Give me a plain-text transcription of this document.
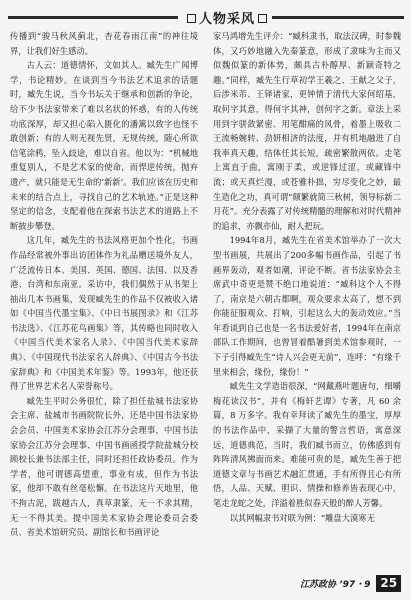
人物采风

传播到“骏马秋风蓟北，杏花春雨江南”的神往境界，让我们好生感动。

古人云：道德情怀，文如其人。臧先生广闻博学，书论精妙。在谈到当今书法艺术追求的话题时，臧先生说，当今书坛关于继承和创新的争论，给不少书法家带来了难以名状的怀惑，有的人传统功底深厚，却又担心陷入匮化的潘篱以致字也怪不敢创新；有的人则无视先贤，无规传统，随心所欲信笔涂鸦，坠入歧途，难以自省。他以为：“机械地重复别人，不是艺术家的使命，而悍逆传统，抛弃遗产，就只能是无生命的‘新新’。我们应该在历史和未来的结合点上，寻找自己的艺术轨迹。”正是这种坚定的信念，支配着他在探索书法艺术的道路上不断披步攀登。

这几年，臧先生的书法风格更加个性化，书画作品经常被外事出访团体作为礼品赠送境外友人，广泛流传日本、美国、英国、德国、法国、以及香港、台湾和东南亚。采访中，我们偶然于从书架上抽出几本书画集，发现臧先生的作品不仅被收入诸如《中国当代墨宝集》、《中日书展图录》和《江苏书法选》、《江苏花鸟画集》等，其传略也同时收入《中国当代美术家名人录》、《中国当代美术家辞典》、《中国现代书法家名人辞典》、《中国古今书法家辞典》和《中国美术年鉴》等。1993年，他还获得了世界艺术名人荣誉称号。

臧先生平时公务很忙，除了担任盐城书法家协会主席、盐城市书画院院长外，还是中国书法家协会会员、中国美术家协会江苏分会理事，中国书法家协会江苏分会理事、中国书画函授学院盐城分校顾校长兼书法部主任，同时还担任政协委员。作为学者，他可谓德高望重，事业有成，但作为书法家，他却不敢有丝毫松懈。在书法这片天地里，他不拘古泥，跋越古人，真草隶篆，无一不求其精，无一不得其美。提中国美术家协会理论委员会委员、省美术馆研究员、副馆长和书画评论

家马鸿增先生评介：“臧科隶书，取法汉碑，时参魏体，又巧妙地融入先秦篆意，形成了隶味为主而又似魏似篆的新体势，颇具古朴醇厚、新颖奇特之趣。”同样，臧先生行草初学王羲之、王献之父子，后涉米芾、王铎诸家，更钟情于清代大家何绍基，取何字其意，得何字其神，创何字之新。章法上采用到字骈敛紧密、用笔酣痛的风骨，着墨上吸收二王流畅婉转、劲妍相济的法度，并有机地融进了自我率真天趣，结体任其长短，疏密繁散两依。走笔上寓直于曲，寓刚于柔，或逆锋过涩，或藏锋中流；或天真烂漫，或苍雅朴拙，穷尽变化之妙，最生造化之功，真可谓“颠繁就简三秋树，领导标新二月花”。充分表露了对传统精髓的理解和对时代精神的追求，亦飘亦仙，耐人把玩。

1994年8月，臧先生在省美术馆举办了一次大型书画展，共展出了200多幅书画作品，引起了书画界轰动，观者如潮，评论不断。省书法家协会主席武中奇更是赞不绝口地说道：“臧科这个人不得了，南京是六朝古都啊，观众要求太高了，想不到你能征服观众、打响，引起这么大的轰动效应。”当年看谈到自己也是一名书法爱好者，1994年在南京部队工作期间，也曾冒着酷暑到美术馆参观时，一下子引得臧先生“诗人兴会更无前”，连呼：“有缘千里来相会，缘份，缘份！”

臧先生文学造诣很深，“网戴燕叶题唐句，细嚼梅花读汉书”，并有《梅轩艺谭》专著，凡 60 余篇，8 万多字。我有幸拜读了臧先生的墨宝，厚厚的书法作品中，采撷了大量的警言哲语，寓意深远，道德典范，当时，我们臧书而立，仿佛感到有阵阵清风拂面而来。难能可贵的是，臧先生善于把道德文章与书画艺术融汇贯通，手有所得且心有所悟，人品、天赋、胆识、情操和修养皆表现心中，笔走龙蛇之处，洋溢着胜似春天般的醉人芳馨。

以其网幅隶书对联为例：“雕盘大漠寒无

江苏政协 ’97・9 25
